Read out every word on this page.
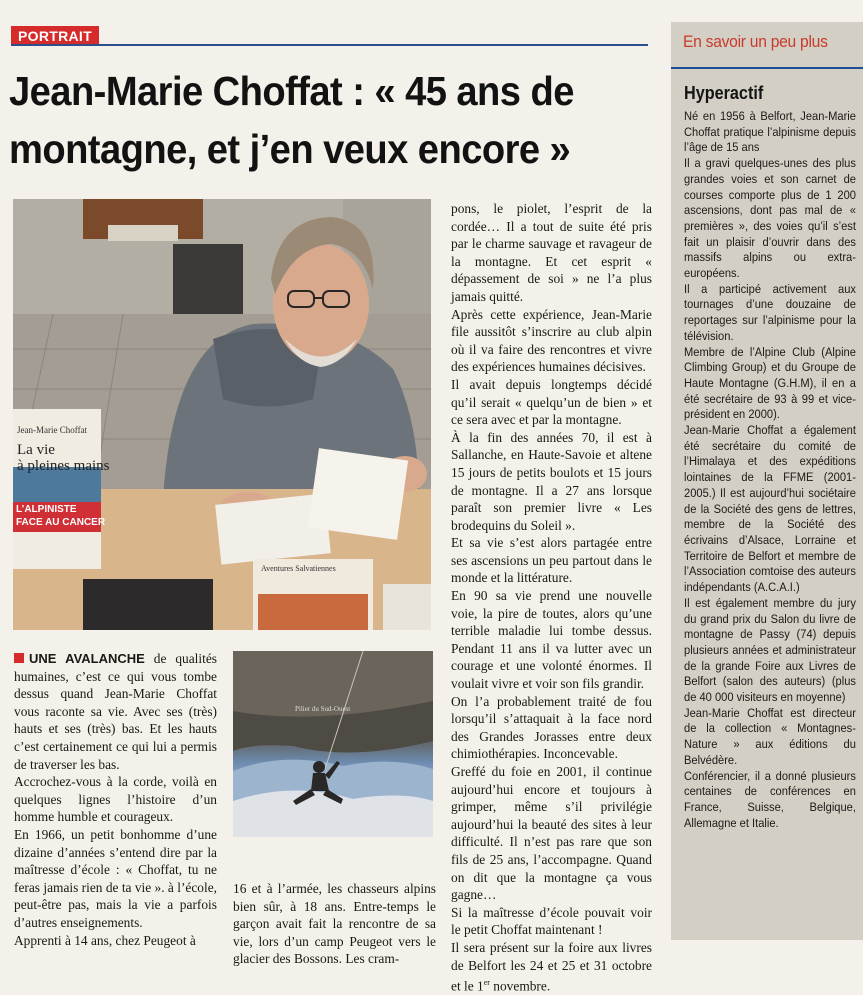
PORTRAIT
Jean-Marie Choffat : « 45 ans de montagne, et j’en veux encore »
Jean-Marie Choffat
La vie
à pleines mains
L’ALPINISTE
FACE AU CANCER
Aventures Salvatiennes
Pilier du Sud-Ouest

UNE AVALANCHE de qualités humaines, c’est ce qui vous tombe dessus quand Jean-Marie Choffat vous raconte sa vie. Avec ses (très) hauts et ses (très) bas. Et les hauts c’est certainement ce qui lui a permis de traverser les bas.

Accrochez-vous à la corde, voilà en quelques lignes l’histoire d’un homme humble et courageux.

En 1966, un petit bonhomme d’une dizaine d’années s’entend dire par la maîtresse d’école : « Choffat, tu ne feras jamais rien de ta vie ». à l’école, peut-être pas, mais la vie a parfois d’autres enseignements.

Apprenti à 14 ans, chez Peugeot à

16 et à l’armée, les chasseurs alpins bien sûr, à 18 ans. Entre-temps le garçon avait fait la rencontre de sa vie, lors d’un camp Peugeot vers le glacier des Bossons. Les cram-

pons, le piolet, l’esprit de la cordée… Il a tout de suite été pris par le charme sauvage et ravageur de la montagne. Et cet esprit « dépassement de soi » ne l’a plus jamais quitté.

Après cette expérience, Jean-Marie file aussitôt s’inscrire au club alpin où il va faire des rencontres et vivre des expériences humaines décisives.

Il avait depuis longtemps décidé qu’il serait « quelqu’un de bien » et ce sera avec et par la montagne.

À la fin des années 70, il est à Sallanche, en Haute-Savoie et altene 15 jours de petits boulots et 15 jours de montagne. Il a 27 ans lorsque paraît son premier livre « Les brodequins du Soleil ».

Et sa vie s’est alors partagée entre ses ascensions un peu partout dans le monde et la littérature.

En 90 sa vie prend une nouvelle voie, la pire de toutes, alors qu’une terrible maladie lui tombe dessus. Pendant 11 ans il va lutter avec un courage et une volonté énormes. Il voulait vivre et voir son fils grandir.

On l’a probablement traité de fou lorsqu’il s’attaquait à la face nord des Grandes Jorasses entre deux chimiothérapies. Inconcevable.

Greffé du foie en 2001, il continue aujourd’hui encore et toujours à grimper, même s’il privilégie aujourd’hui la beauté des sites à leur difficulté. Il n’est pas rare que son fils de 25 ans, l’accompagne. Quand on dit que la montagne ça vous gagne…

Si la maîtresse d’école pouvait voir le petit Choffat maintenant !

Il sera présent sur la foire aux livres de Belfort les 24 et 25 et 31 octobre et le 1er novembre.

En savoir un peu plus
Hyperactif

Né en 1956 à Belfort, Jean-Marie Choffat pratique l’alpinisme depuis l’âge de 15 ans

Il a gravi quelques-unes des plus grandes voies et son carnet de courses comporte plus de 1 200 ascensions, dont pas mal de « premières », des voies qu’il s’est fait un plaisir d’ouvrir dans des massifs alpins ou extra-européens.

Il a participé activement aux tournages d’une douzaine de reportages sur l’alpinisme pour la télévision.

Membre de l’Alpine Club (Alpine Climbing Group) et du Groupe de Haute Montagne (G.H.M), il en a été secrétaire de 93 à 99 et vice-président en 2000).

Jean-Marie Choffat a également été secrétaire du comité de l’Himalaya et des expéditions lointaines de la FFME (2001-2005.) Il est aujourd’hui sociétaire de la Société des gens de lettres, membre de la Société des écrivains d’Alsace, Lorraine et Territoire de Belfort et membre de l’Association comtoise des auteurs indépendants (A.C.A.I.)

Il est également membre du jury du grand prix du Salon du livre de montagne de Passy (74) depuis plusieurs années et administrateur de la grande Foire aux Livres de Belfort (salon des auteurs) (plus de 40 000 visiteurs en moyenne)

Jean-Marie Choffat est directeur de la collection « Montagnes-Nature » aux éditions du Belvédère.

Conférencier, il a donné plusieurs centaines de conférences en France, Suisse, Belgique, Allemagne et Italie.
